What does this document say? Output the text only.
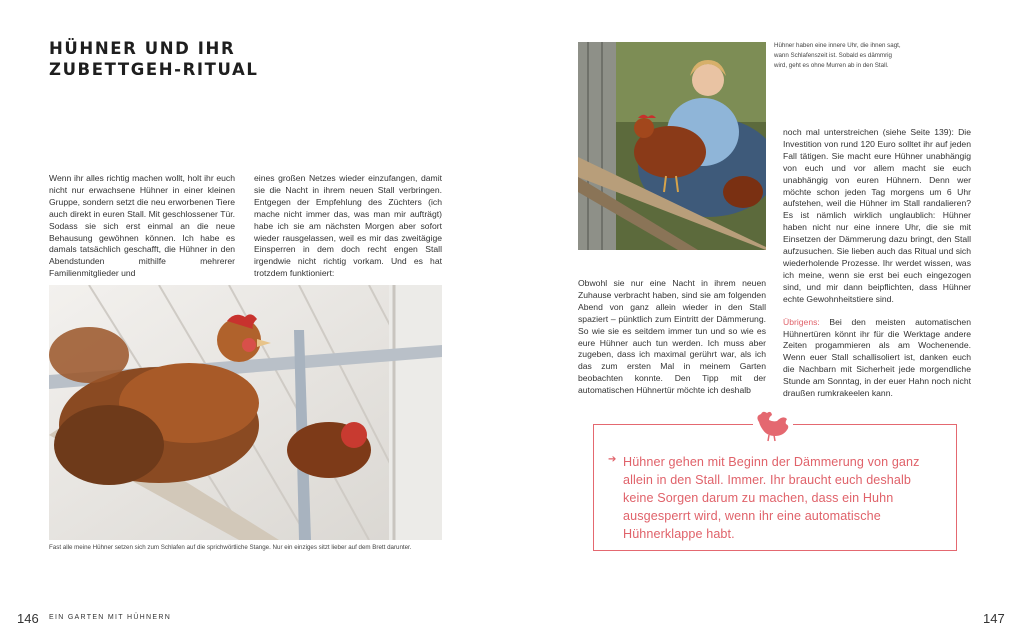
HÜHNER UND IHR
ZUBETTGEH-RITUAL

Wenn ihr alles richtig machen wollt, holt ihr euch nicht nur erwachsene Hühner in einer kleinen Gruppe, sondern setzt die neu erworbenen Tiere auch direkt in euren Stall. Mit geschlossener Tür. Sodass sie sich erst einmal an die neue Behausung gewöhnen können. Ich habe es damals tatsächlich geschafft, die Hühner in den Abendstunden mithilfe mehrerer Familienmitglieder und

eines großen Netzes wieder einzufangen, damit sie die Nacht in ihrem neuen Stall verbringen. Entgegen der Empfehlung des Züchters (ich mache nicht immer das, was man mir aufträgt) habe ich sie am nächsten Morgen aber sofort wieder rausgelassen, weil es mir das zweitägige Einsperren in dem doch recht engen Stall irgendwie nicht richtig vorkam. Und es hat trotzdem funktioniert:

Fast alle meine Hühner setzen sich zum Schlafen auf die sprichwörtliche Stange. Nur ein einziges sitzt lieber auf dem Brett darunter.
Hühner haben eine innere Uhr, die ihnen sagt, wann Schlafenszeit ist. Sobald es dämmrig wird, geht es ohne Murren ab in den Stall.

Obwohl sie nur eine Nacht in ihrem neuen Zuhause verbracht haben, sind sie am folgenden Abend von ganz allein wieder in den Stall spaziert – pünktlich zum Eintritt der Dämmerung. So wie sie es seitdem immer tun und so wie es eure Hühner auch tun werden. Ich muss aber zugeben, dass ich maximal gerührt war, als ich das zum ersten Mal in meinem Garten beobachten konnte. Den Tipp mit der automatischen Hühnertür möchte ich deshalb

noch mal unterstreichen (siehe Seite 139): Die Investition von rund 120 Euro solltet ihr auf jeden Fall tätigen. Sie macht eure Hühner unabhängig von euch und vor allem macht sie euch unabhängig von euren Hühnern. Denn wer möchte schon jeden Tag morgens um 6 Uhr aufstehen, weil die Hühner im Stall randalieren? Es ist nämlich wirklich unglaublich: Hühner haben nicht nur eine innere Uhr, die sie mit Einsetzen der Dämmerung dazu bringt, den Stall aufzusuchen. Sie lieben auch das Ritual und sich wiederholende Prozesse. Ihr werdet wissen, was ich meine, wenn sie erst bei euch eingezogen sind, und mir dann beipflichten, dass Hühner echte Gewohnheitstiere sind.

Übrigens: Bei den meisten automatischen Hühnertüren könnt ihr für die Werktage andere Zeiten progammieren als am Wochenende. Wenn euer Stall schallisoliert ist, danken euch die Nachbarn mit Sicherheit jede morgendliche Stunde am Sonntag, in der euer Hahn noch nicht draußen rumkrakeelen kann.

➔ Hühner gehen mit Beginn der Dämmerung von ganz allein in den Stall. Immer. Ihr braucht euch deshalb keine Sorgen darum zu machen, dass ein Huhn ausgesperrt wird, wenn ihr eine automatische Hühnerklappe habt.
146 EIN GARTEN MIT HÜHNERN	147
